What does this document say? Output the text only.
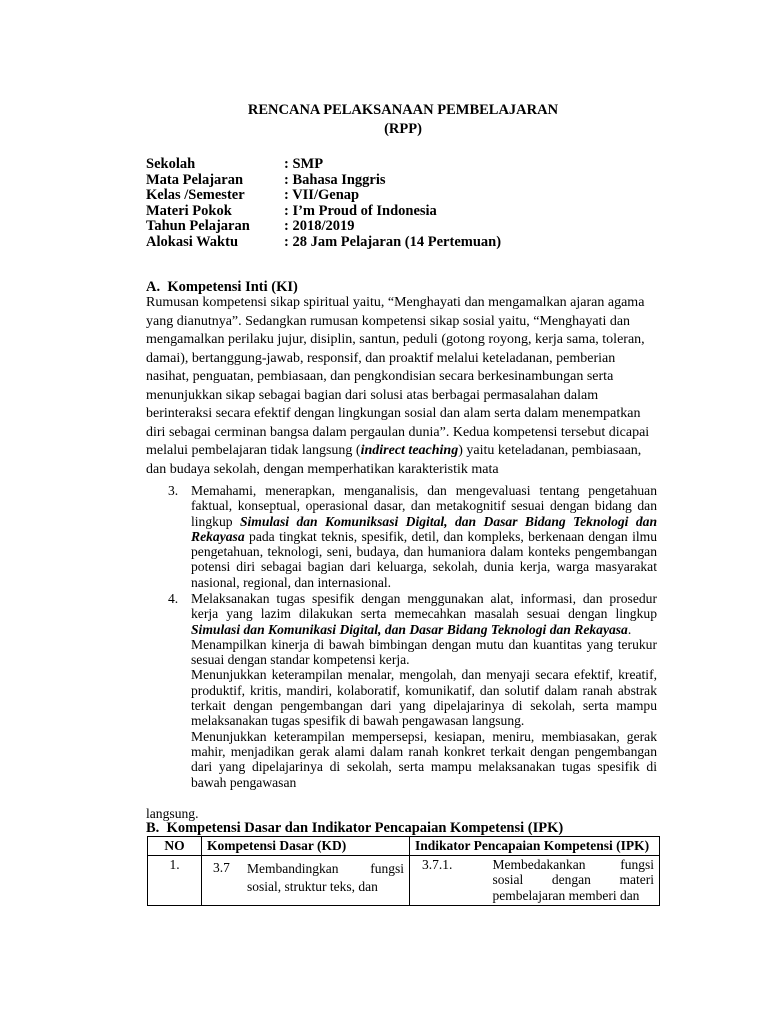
RENCANA PELAKSANAAN PEMBELAJARAN
(RPP)
Sekolah	: SMP
Mata Pelajaran	: Bahasa Inggris
Kelas /Semester	: VII/Genap
Materi Pokok	: I’m Proud of Indonesia
Tahun Pelajaran : 2018/2019
Alokasi Waktu	: 28 Jam Pelajaran (14 Pertemuan)
A.  Kompetensi Inti (KI)
Rumusan kompetensi sikap spiritual yaitu, “Menghayati dan mengamalkan ajaran agama
yang dianutnya”. Sedangkan rumusan kompetensi sikap sosial yaitu, “Menghayati dan
mengamalkan perilaku jujur, disiplin, santun, peduli (gotong royong, kerja sama, toleran,
damai), bertanggung-jawab, responsif, dan proaktif melalui keteladanan, pemberian
nasihat, penguatan, pembiasaan, dan pengkondisian secara berkesinambungan serta
menunjukkan sikap sebagai bagian dari solusi atas berbagai permasalahan dalam
berinteraksi secara efektif dengan lingkungan sosial dan alam serta dalam menempatkan
diri sebagai cerminan bangsa dalam pergaulan dunia”. Kedua kompetensi tersebut dicapai
melalui pembelajaran tidak langsung (indirect teaching) yaitu keteladanan, pembiasaan,
dan budaya sekolah, dengan memperhatikan karakteristik mata
3. Memahami, menerapkan, menganalisis, dan mengevaluasi tentang pengetahuan faktual, konseptual, operasional dasar, dan metakognitif sesuai dengan bidang dan lingkup Simulasi dan Komuniksasi Digital, dan Dasar Bidang Teknologi dan Rekayasa pada tingkat teknis, spesifik, detil, dan kompleks, berkenaan dengan ilmu pengetahuan, teknologi, seni, budaya, dan humaniora dalam konteks pengembangan potensi diri sebagai bagian dari keluarga, sekolah, dunia kerja, warga masyarakat nasional, regional, dan internasional.
4. Melaksanakan tugas spesifik dengan menggunakan alat, informasi, dan prosedur kerja yang lazim dilakukan serta memecahkan masalah sesuai dengan lingkup Simulasi dan Komunikasi Digital, dan Dasar Bidang Teknologi dan Rekayasa.
Menampilkan kinerja di bawah bimbingan dengan mutu dan kuantitas yang terukur sesuai dengan standar kompetensi kerja.
Menunjukkan keterampilan menalar, mengolah, dan menyaji secara efektif, kreatif, produktif, kritis, mandiri, kolaboratif, komunikatif, dan solutif dalam ranah abstrak terkait dengan pengembangan dari yang dipelajarinya di sekolah, serta mampu melaksanakan tugas spesifik di bawah pengawasan langsung.
Menunjukkan keterampilan mempersepsi, kesiapan, meniru, membiasakan, gerak mahir, menjadikan gerak alami dalam ranah konkret terkait dengan pengembangan dari yang dipelajarinya di sekolah, serta mampu melaksanakan tugas spesifik di bawah pengawasan
langsung.
B.  Kompetensi Dasar dan Indikator Pencapaian Kompetensi (IPK)
NO	Kompetensi Dasar (KD)	Indikator Pencapaian Kompetensi (IPK)	
1.	3.7 Membandingkan fungsi sosial, struktur teks, dan	3.7.1.	Membedakankan fungsi sosial dengan materi pembelajaran memberi dan
